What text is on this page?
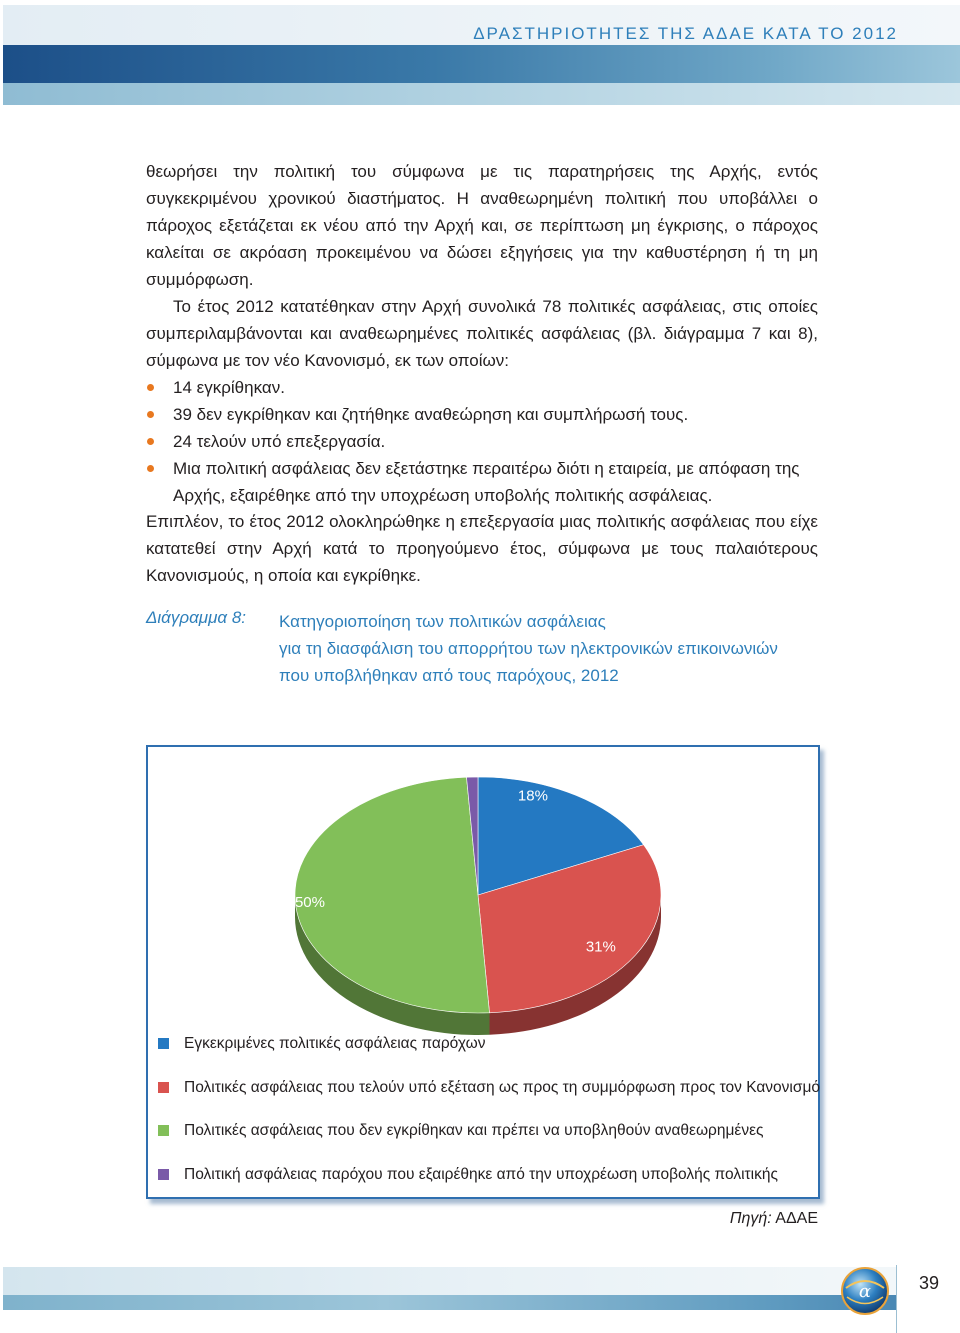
ΔΡΑΣΤΗΡΙΟΤΗΤΕΣ ΤΗΣ ΑΔΑΕ ΚΑΤΑ ΤΟ 2012

θεωρήσει την πολιτική του σύμφωνα με τις παρατηρήσεις της Αρχής, εντός συγκεκριμένου χρονικού διαστήματος. Η αναθεωρημένη πολιτική που υποβάλλει ο πάροχος εξετάζεται εκ νέου από την Αρχή και, σε περίπτωση μη έγκρισης, ο πάροχος καλείται σε ακρόαση προκειμένου να δώσει εξηγήσεις για την καθυστέρηση ή τη μη συμμόρφωση.

Το έτος 2012 κατατέθηκαν στην Αρχή συνολικά 78 πολιτικές ασφάλειας, στις οποίες συμπεριλαμβάνονται και αναθεωρημένες πολιτικές ασφάλειας (βλ. διάγραμμα 7 και 8), σύμφωνα με τον νέο Κανονισμό, εκ των οποίων:

14 εγκρίθηκαν.
39 δεν εγκρίθηκαν και ζητήθηκε αναθεώρηση και συμπλήρωσή τους.
24 τελούν υπό επεξεργασία.
Μια πολιτική ασφάλειας δεν εξετάστηκε περαιτέρω διότι η εταιρεία, με απόφαση της Αρχής, εξαιρέθηκε από την υποχρέωση υποβολής πολιτικής ασφάλειας.

Επιπλέον, το έτος 2012 ολοκληρώθηκε η επεξεργασία μιας πολιτικής ασφάλειας που είχε κατατεθεί στην Αρχή κατά το προηγούμενο έτος, σύμφωνα με τους παλαιότερους Κανονισμούς, η οποία και εγκρίθηκε.

Διάγραμμα 8: Κατηγοριοποίηση των πολιτικών ασφάλειας
για τη διασφάλιση του απορρήτου των ηλεκτρονικών επικοινωνιών
που υποβλήθηκαν από τους παρόχους, 2012
18%
31%
50%
1%
Εγκεκριμένες πολιτικές ασφάλειας παρόχων
Πολιτικές ασφάλειας που τελούν υπό εξέταση ως προς τη συμμόρφωση προς τον Κανονισμό
Πολιτικές ασφάλειας που δεν εγκρίθηκαν και πρέπει να υποβληθούν αναθεωρημένες
Πολιτική ασφάλειας παρόχου που εξαιρέθηκε από την υποχρέωση υποβολής πολιτικής
Πηγή: ΑΔΑΕ
39
α
